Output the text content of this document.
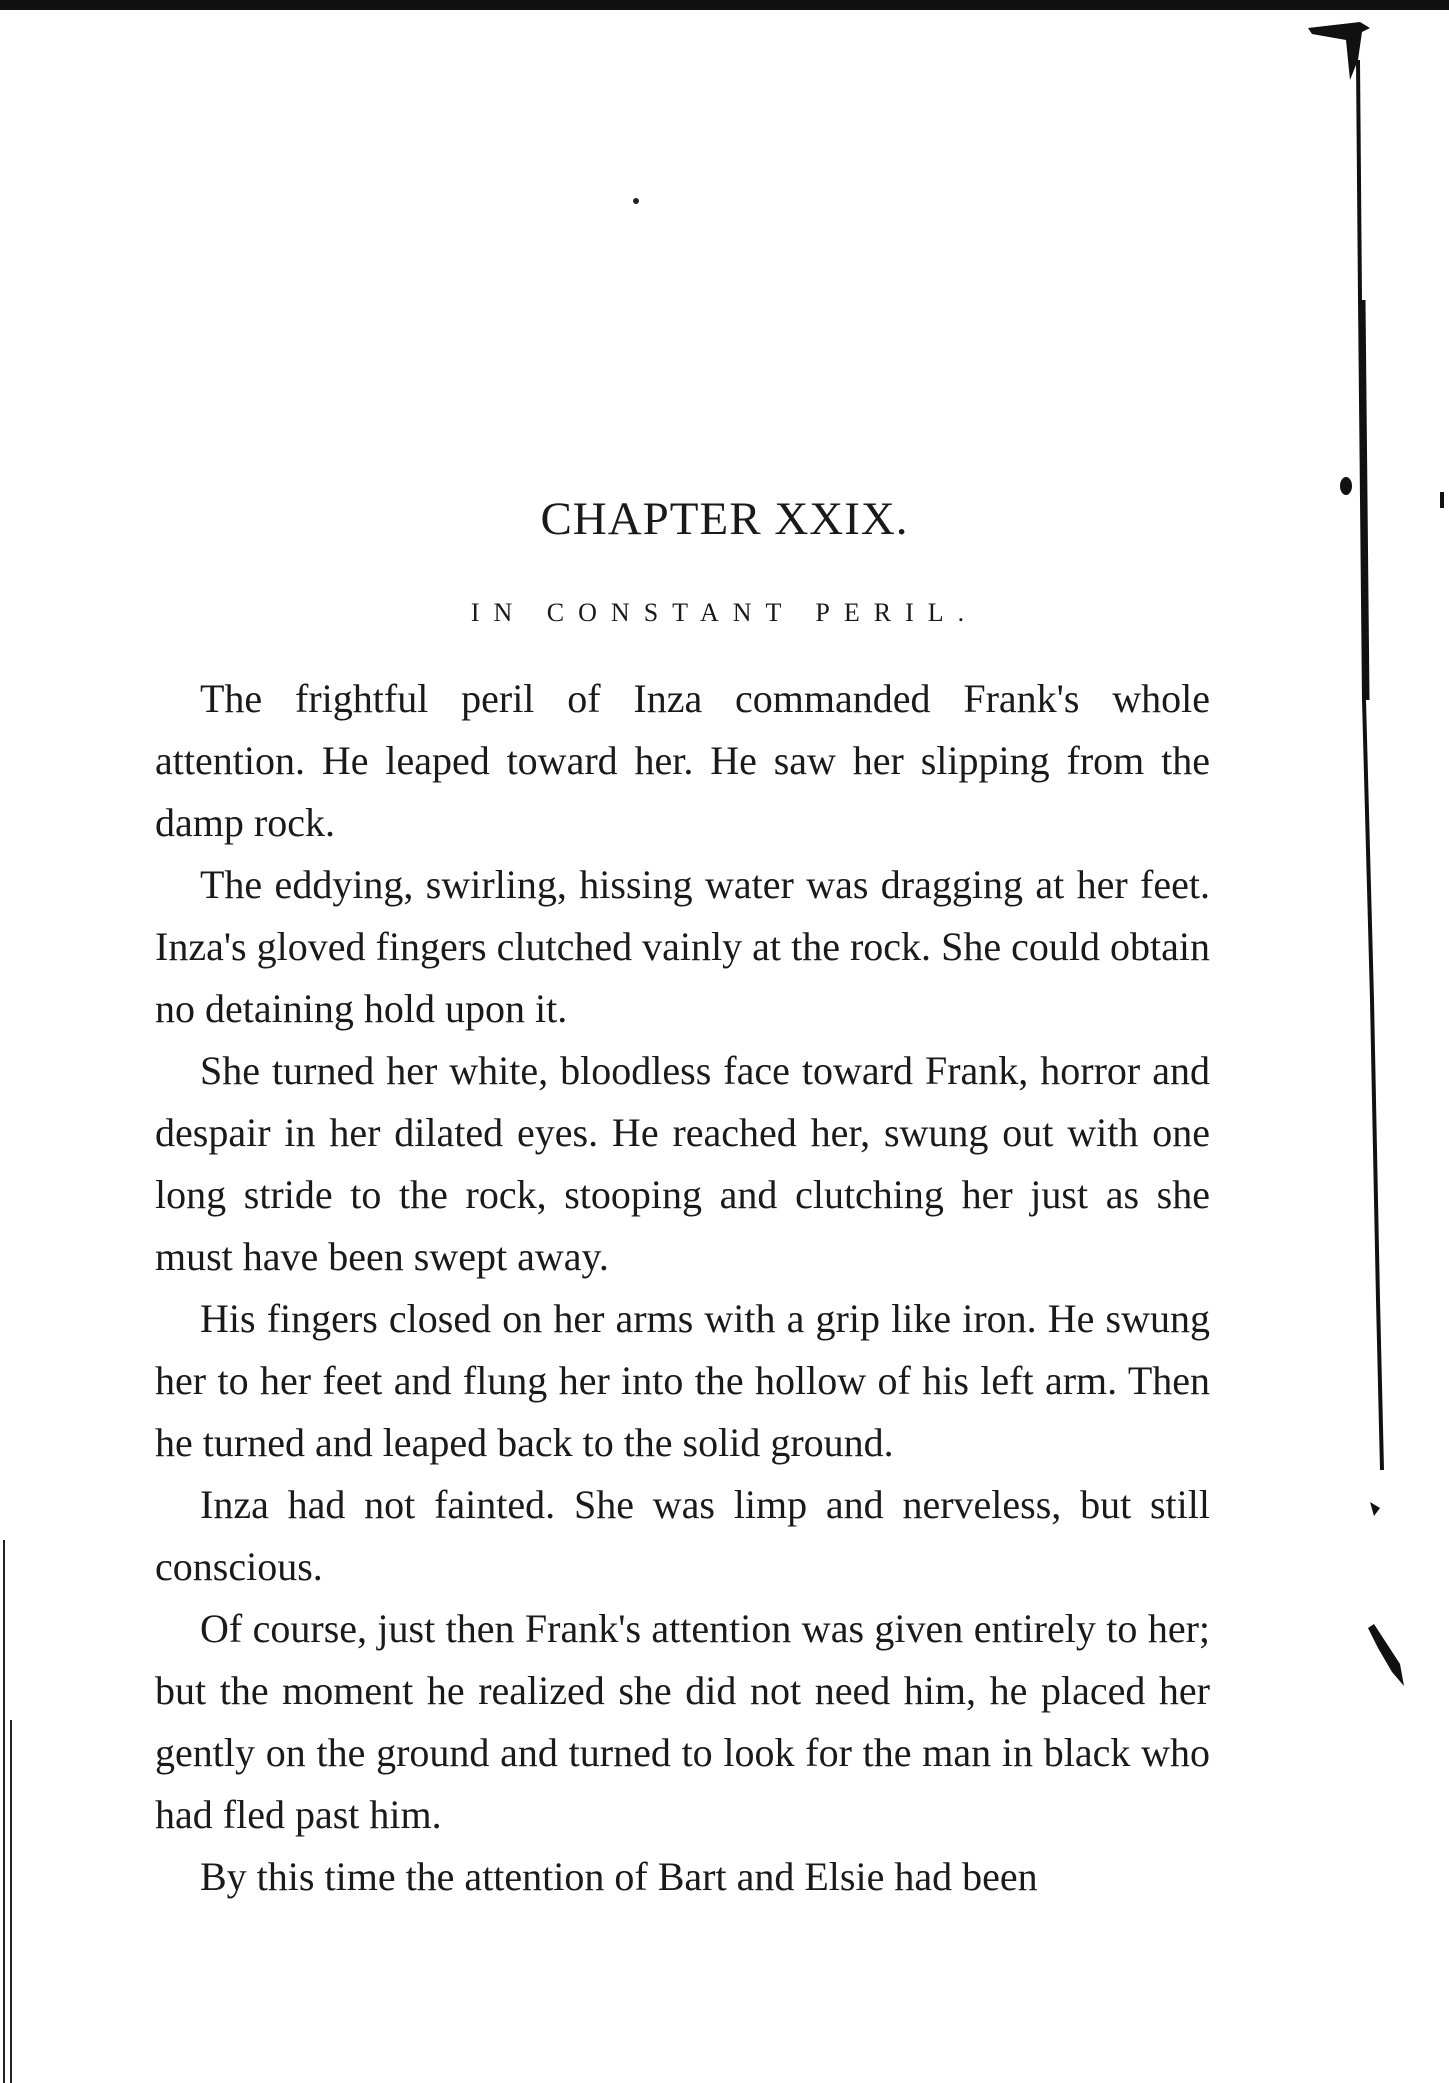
CHAPTER XXIX.
IN CONSTANT PERIL.

The frightful peril of Inza commanded Frank's whole attention. He leaped toward her. He saw her slipping from the damp rock.

The eddying, swirling, hissing water was dragging at her feet. Inza's gloved fingers clutched vainly at the rock. She could obtain no detaining hold upon it.

She turned her white, bloodless face toward Frank, horror and despair in her dilated eyes. He reached her, swung out with one long stride to the rock, stooping and clutching her just as she must have been swept away.

His fingers closed on her arms with a grip like iron. He swung her to her feet and flung her into the hollow of his left arm. Then he turned and leaped back to the solid ground.

Inza had not fainted. She was limp and nerveless, but still conscious.

Of course, just then Frank's attention was given entirely to her; but the moment he realized she did not need him, he placed her gently on the ground and turned to look for the man in black who had fled past him.

By this time the attention of Bart and Elsie had been
